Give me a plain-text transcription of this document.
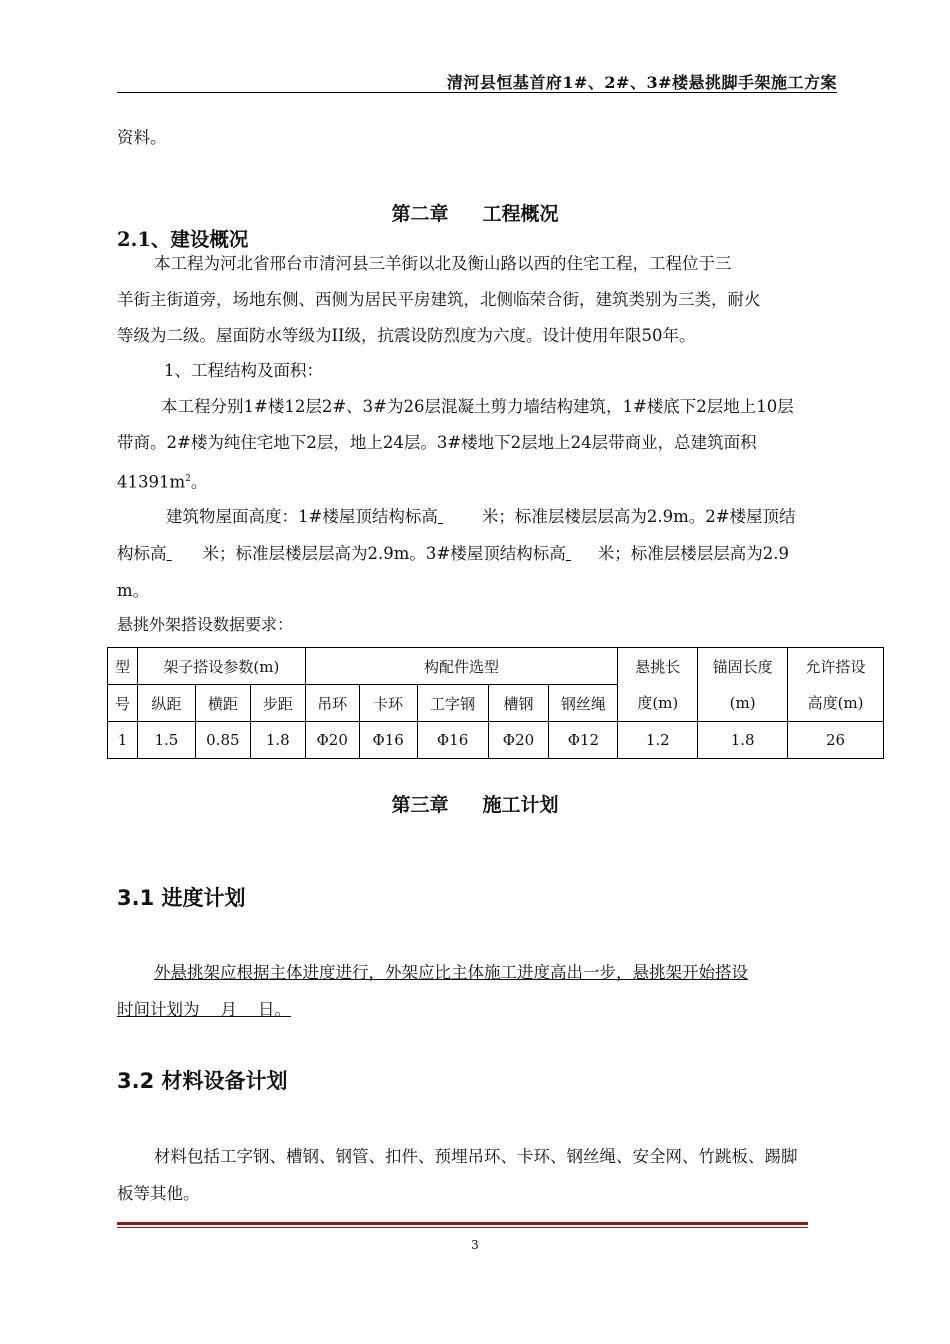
清河县恒基首府1#、2#、3#楼悬挑脚手架施工方案
资料。
第二章 工程概况
2.1、建设概况
本工程为河北省邢台市清河县三羊街以北及衡山路以西的住宅工程，工程位于三
羊街主街道旁，场地东侧、西侧为居民平房建筑，北侧临荣合街，建筑类别为三类，耐火
等级为二级。屋面防水等级为II级，抗震设防烈度为六度。设计使用年限50年。
1、工程结构及面积：
本工程分别1#楼12层2#、3#为26层混凝土剪力墙结构建筑，1#楼底下2层地上10层
带商。2#楼为纯住宅地下2层，地上24层。3#楼地下2层地上24层带商业，总建筑面积
$41391m^2$。
建筑物屋面高度：1#楼屋顶结构标高	米；标准层楼层层高为2.9m。2#楼屋顶结
构标高 米；标准层楼层层高为2.9m。3#楼屋顶结构标高 米；标准层楼层层高为2.9
m。
悬挑外架搭设数据要求：
型	架子搭设参数(m)			构配件选型					悬挑长	锚固长度	允许搭设
号	纵距	横距	步距	吊环	卡环	工字钢	槽钢	钢丝绳	度(m)	(m)	高度(m)
1	1.5	0.85	1.8	Φ20	Φ16	Φ16	Φ20	Φ12	1.2	1.8	26
第三章 施工计划
3.1 进度计划
外悬挑架应根据主体进度进行，外架应比主体施工进度高出一步，悬挑架开始搭设
时间计划为    月    日。
3.2 材料设备计划
材料包括工字钢、槽钢、钢管、扣件、预埋吊环、卡环、钢丝绳、安全网、竹跳板、踢脚
板等其他。
3
